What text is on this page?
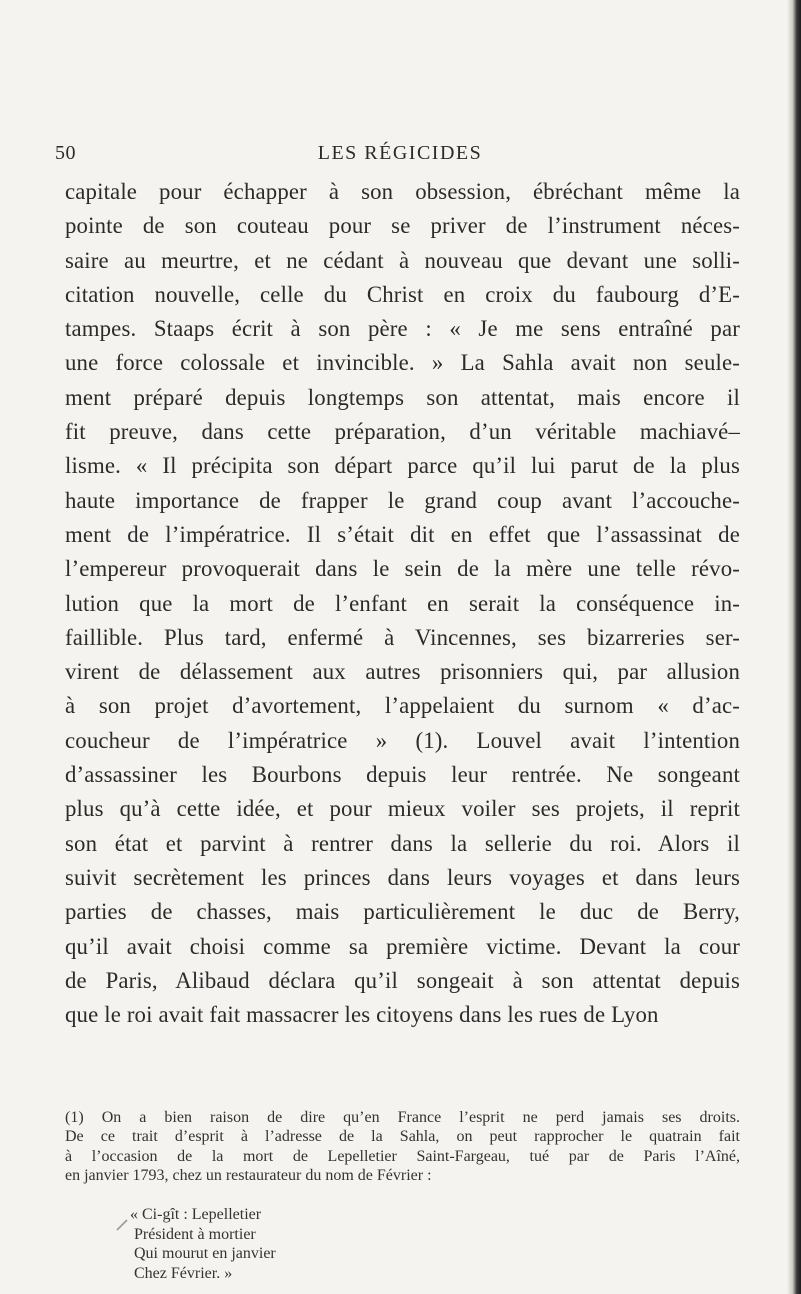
50	LES RÉGICIDES
capitale pour échapper à son obsession, ébréchant même la
pointe de son couteau pour se priver de l’instrument néces-
saire au meurtre, et ne cédant à nouveau que devant une solli-
citation nouvelle, celle du Christ en croix du faubourg d’E-
tampes. Staaps écrit à son père : « Je me sens entraîné par
une force colossale et invincible. » La Sahla avait non seule-
ment préparé depuis longtemps son attentat, mais encore il
fit preuve, dans cette préparation, d’un véritable machiavé–
lisme. « Il précipita son départ parce qu’il lui parut de la plus
haute importance de frapper le grand coup avant l’accouche-
ment de l’impératrice. Il s’était dit en effet que l’assassinat de
l’empereur provoquerait dans le sein de la mère une telle révo-
lution que la mort de l’enfant en serait la conséquence in-
faillible. Plus tard, enfermé à Vincennes, ses bizarreries ser-
virent de délassement aux autres prisonniers qui, par allusion
à son projet d’avortement, l’appelaient du surnom « d’ac-
coucheur de l’impératrice » (1). Louvel avait l’intention
d’assassiner les Bourbons depuis leur rentrée. Ne songeant
plus qu’à cette idée, et pour mieux voiler ses projets, il reprit
son état et parvint à rentrer dans la sellerie du roi. Alors il
suivit secrètement les princes dans leurs voyages et dans leurs
parties de chasses, mais particulièrement le duc de Berry,
qu’il avait choisi comme sa première victime. Devant la cour
de Paris, Alibaud déclara qu’il songeait à son attentat depuis
que le roi avait fait massacrer les citoyens dans les rues de Lyon
(1) On a bien raison de dire qu’en France l’esprit ne perd jamais ses droits.
De ce trait d’esprit à l’adresse de la Sahla, on peut rapprocher le quatrain fait
à l’occasion de la mort de Lepelletier Saint-Fargeau, tué par de Paris l’Aîné,
en janvier 1793, chez un restaurateur du nom de Février :
« Ci-gît : Lepelletier
Président à mortier
Qui mourut en janvier
Chez Février. »
